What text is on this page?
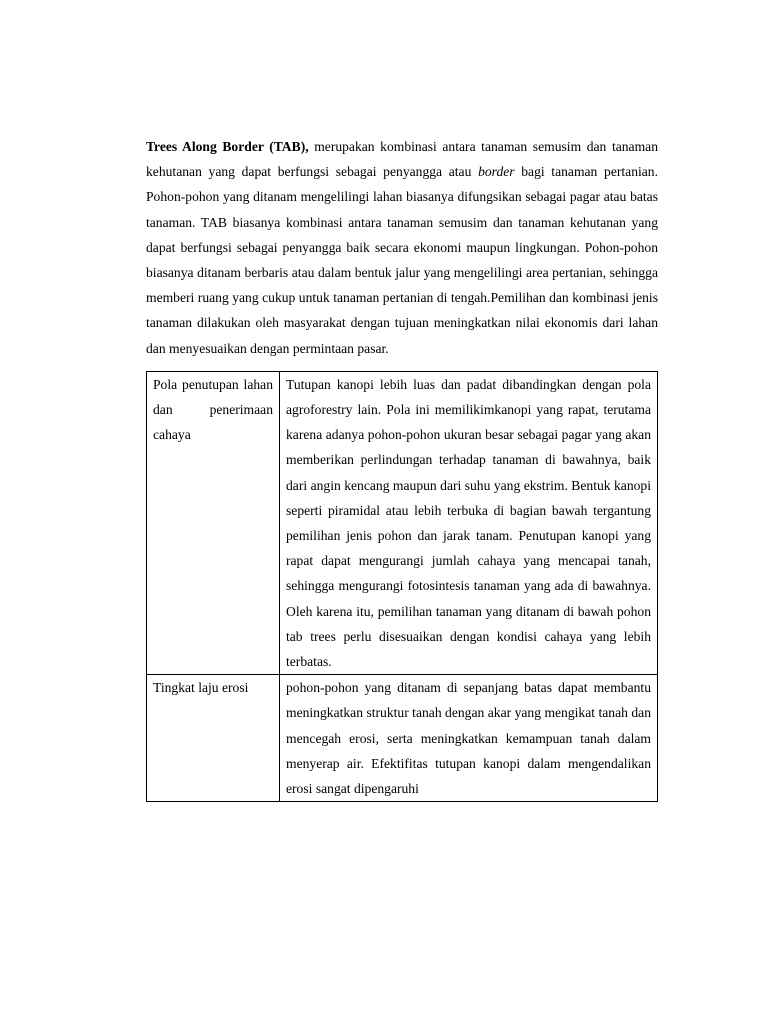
Trees Along Border (TAB), merupakan kombinasi antara tanaman semusim dan tanaman kehutanan yang dapat berfungsi sebagai penyangga atau border bagi tanaman pertanian. Pohon-pohon yang ditanam mengelilingi lahan biasanya difungsikan sebagai pagar atau batas tanaman. TAB biasanya kombinasi antara tanaman semusim dan tanaman kehutanan yang dapat berfungsi sebagai penyangga baik secara ekonomi maupun lingkungan. Pohon-pohon biasanya ditanam berbaris atau dalam bentuk jalur yang mengelilingi area pertanian, sehingga memberi ruang yang cukup untuk tanaman pertanian di tengah.Pemilihan dan kombinasi jenis tanaman dilakukan oleh masyarakat dengan tujuan meningkatkan nilai ekonomis dari lahan dan menyesuaikan dengan permintaan pasar.

Pola penutupan lahan dan penerimaan cahaya	Tutupan kanopi lebih luas dan padat dibandingkan dengan pola agroforestry lain. Pola ini memilikimkanopi yang rapat, terutama karena adanya pohon-pohon ukuran besar sebagai pagar yang akan memberikan perlindungan terhadap tanaman di bawahnya, baik dari angin kencang maupun dari suhu yang ekstrim. Bentuk kanopi seperti piramidal atau lebih terbuka di bagian bawah tergantung pemilihan jenis pohon dan jarak tanam. Penutupan kanopi yang rapat dapat mengurangi jumlah cahaya yang mencapai tanah, sehingga mengurangi fotosintesis tanaman yang ada di bawahnya. Oleh karena itu, pemilihan tanaman yang ditanam di bawah pohon tab trees perlu disesuaikan dengan kondisi cahaya yang lebih terbatas.
Tingkat laju erosi	pohon-pohon yang ditanam di sepanjang batas dapat membantu meningkatkan struktur tanah dengan akar yang mengikat tanah dan mencegah erosi, serta meningkatkan kemampuan tanah dalam menyerap air. Efektifitas tutupan kanopi dalam mengendalikan erosi sangat dipengaruhi
